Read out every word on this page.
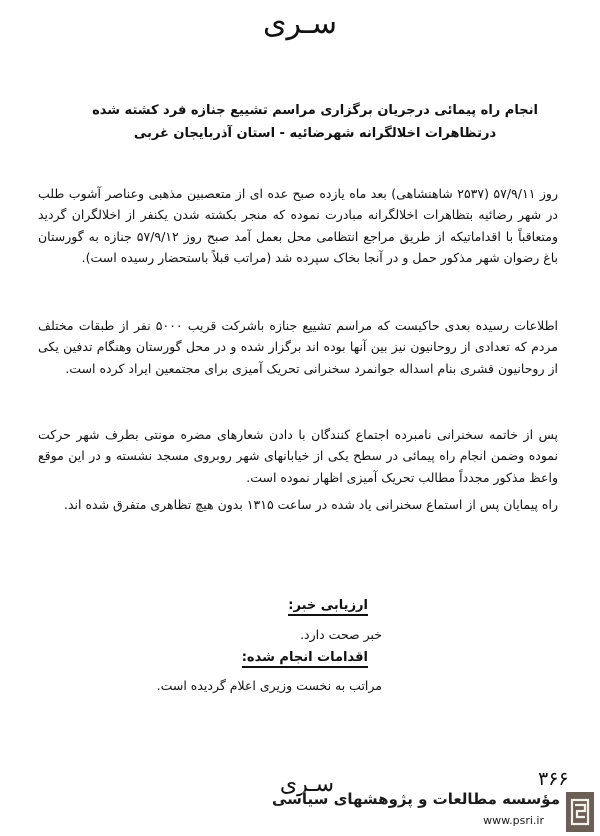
سـری
انجام راه پیمائی درجریان برگزاری مراسم تشییع جنازه فرد کشته شده
درتظاهرات اخلالگرانه شهرضائیه - استان آذربایجان غربی

روز ۵۷/۹/۱۱ (۲۵۳۷ شاهنشاهی) بعد ماه یازده صبح عده ای از متعصبین مذهبی وعناصر آشوب طلب در شهر رضائیه بتظاهرات اخلالگرانه مبادرت نموده که منجر بکشته شدن یکنفر از اخلالگران گردید ومتعاقباً با اقداماتیکه از طریق مراجع انتظامی محل بعمل آمد صبح روز ۵۷/۹/۱۲ جنازه به گورستان باغ رضوان شهر مذکور حمل و در آنجا بخاک سپرده شد (مراتب قبلاً باستحضار رسیده است).

اطلاعات رسیده بعدی حاکیست که مراسم تشییع جنازه باشرکت قریب ۵۰۰۰ نفر از طبقات مختلف مردم که تعدادی از روحانیون نیز بین آنها بوده اند برگزار شده و در محل گورستان وهنگام تدفین یکی از روحانیون قشری بنام اسداله جوانمرد سخنرانی تحریک آمیزی برای مجتمعین ایراد کرده است.

پس از خاتمه سخنرانی نامبرده اجتماع کنندگان با دادن شعارهای مضره مونتی بطرف شهر حرکت نموده وضمن انجام راه پیمائی در سطح یکی از خیابانهای شهر روبروی مسجد نشسته و در این موقع واعظ مذکور مجدداً مطالب تحریک آمیزی اظهار نموده است.

راه پیمایان پس از استماع سخنرانی یاد شده در ساعت ۱۳۱۵ بدون هیچ تظاهری متفرق شده اند.

ارزیابی خبر:
خبر صحت دارد.
اقدامات انجام شده:
مراتب به نخست وزیری اعلام گردیده است.
سـری	۳۶۶
مؤسسه مطالعات و پژوهشهای سیاسی
www.psri.ir
